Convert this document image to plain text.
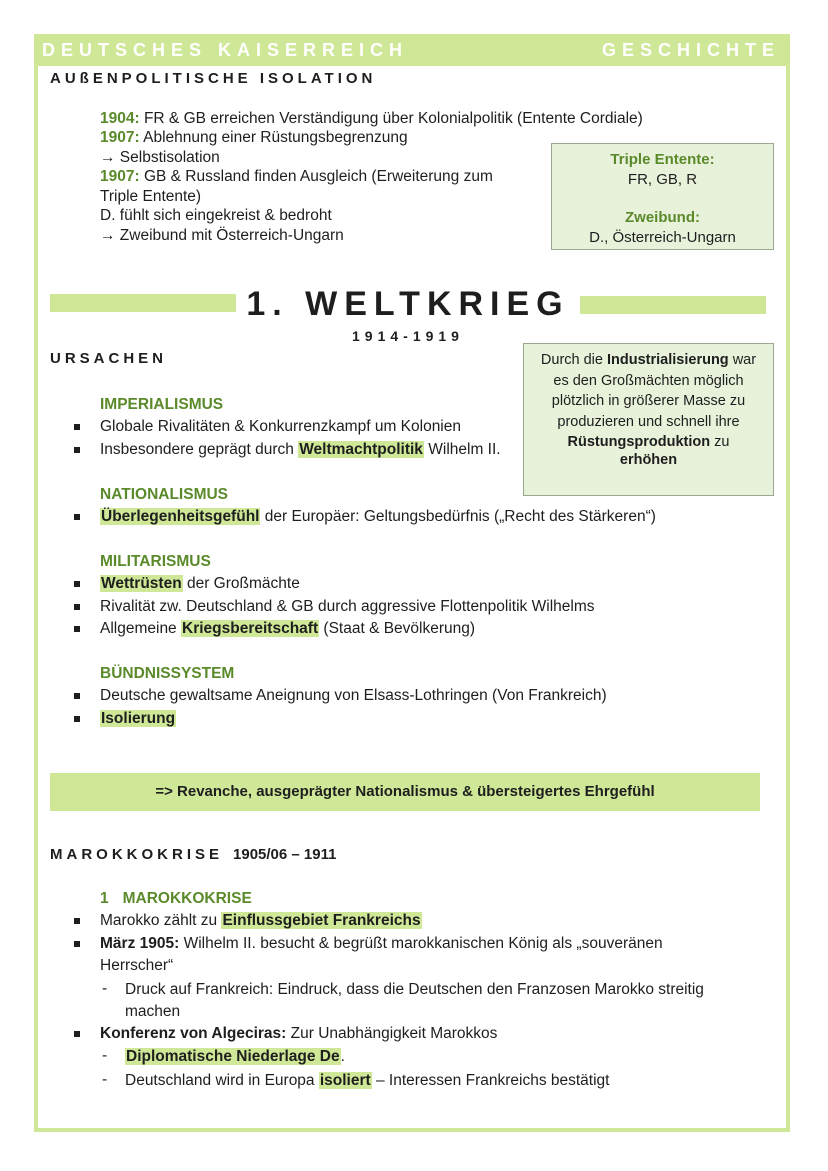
DEUTSCHES KAISERREICH	GESCHICHTE
AUßENPOLITISCHE ISOLATION
1904: FR & GB erreichen Verständigung über Kolonialpolitik (Entente Cordiale)
1907: Ablehnung einer Rüstungsbegrenzung
→ Selbstisolation
1907: GB & Russland finden Ausgleich (Erweiterung zum
Triple Entente)
D. fühlt sich eingekreist & bedroht
→ Zweibund mit Österreich-Ungarn
Triple Entente:
FR, GB, R
Zweibund:
D., Österreich-Ungarn
1. WELTKRIEG
1914-1919
URSACHEN	Durch die Industrialisierung war
es den Großmächten möglich
plötzlich in größerer Masse zu
produzieren und schnell ihre
Rüstungsproduktion zu
erhöhen
IMPERIALISMUS
Globale Rivalitäten & Konkurrenzkampf um Kolonien
Insbesondere geprägt durch Weltmachtpolitik Wilhelm II.
NATIONALISMUS
Überlegenheitsgefühl der Europäer: Geltungsbedürfnis („Recht des Stärkeren“)
MILITARISMUS
Wettrüsten der Großmächte
Rivalität zw. Deutschland & GB durch aggressive Flottenpolitik Wilhelms
Allgemeine Kriegsbereitschaft (Staat & Bevölkerung)
BÜNDNISSYSTEM
Deutsche gewaltsame Aneignung von Elsass-Lothringen (Von Frankreich)
Isolierung
=> Revanche, ausgeprägter Nationalismus & übersteigertes Ehrgefühl
MAROKKOKRISE 1905/06 – 1911
1 MAROKKOKRISE
Marokko zählt zu Einflussgebiet Frankreichs
März 1905: Wilhelm II. besucht & begrüßt marokkanischen König als „souveränen
Herrscher“
- Druck auf Frankreich: Eindruck, dass die Deutschen den Franzosen Marokko streitig
machen
Konferenz von Algeciras: Zur Unabhängigkeit Marokkos
- Diplomatische Niederlage De.
- Deutschland wird in Europa isoliert – Interessen Frankreichs bestätigt
